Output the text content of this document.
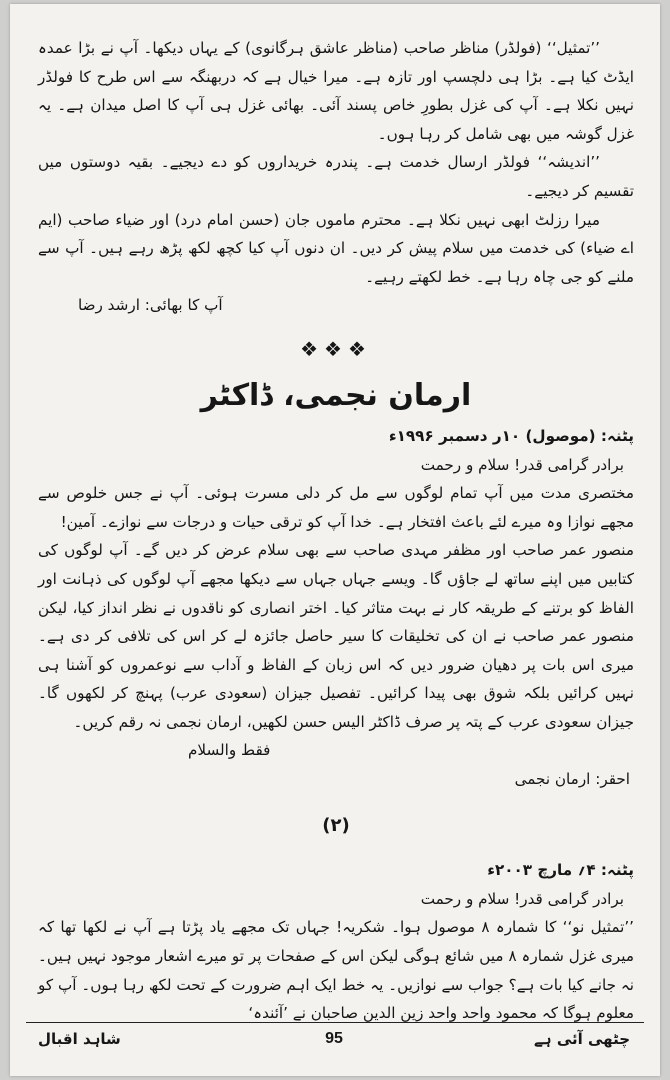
’’تمثیل‘‘ (فولڈر) مناظر صاحب (مناظر عاشق ہرگانوی) کے یہاں دیکھا۔ آپ نے بڑا عمدہ ایڈٹ کیا ہے۔ بڑا ہی دلچسپ اور تازہ ہے۔ میرا خیال ہے کہ دربھنگہ سے اس طرح کا فولڈر نہیں نکلا ہے۔ آپ کی غزل بطورِ خاص پسند آئی۔ بھائی غزل ہی آپ کا اصل میدان ہے۔ یہ غزل گوشہ میں بھی شامل کر رہا ہوں۔

’’اندیشہ‘‘ فولڈر ارسال خدمت ہے۔ پندرہ خریداروں کو دے دیجیے۔ بقیہ دوستوں میں تقسیم کر دیجیے۔

میرا رزلٹ ابھی نہیں نکلا ہے۔ محترم ماموں جان (حسن امام درد) اور ضیاء صاحب (ایم اے ضیاء) کی خدمت میں سلام پیش کر دیں۔ ان دنوں آپ کیا کچھ لکھ پڑھ رہے ہیں۔ آپ سے ملنے کو جی چاہ رہا ہے۔ خط لکھتے رہیے۔

آپ کا بھائی: ارشد رضا

❖❖❖
ارمان نجمی، ڈاکٹر

پٹنہ: (موصول) ۱۰ر دسمبر ۱۹۹۶ء

برادر گرامی قدر! سلام و رحمت

مختصری مدت میں آپ تمام لوگوں سے مل کر دلی مسرت ہوئی۔ آپ نے جس خلوص سے مجھے نوازا وہ میرے لئے باعث افتخار ہے۔ خدا آپ کو ترقی حیات و درجات سے نوازے۔ آمین!

منصور عمر صاحب اور مظفر مہدی صاحب سے بھی سلام عرض کر دیں گے۔ آپ لوگوں کی کتابیں میں اپنے ساتھ لے جاؤں گا۔ ویسے جہاں جہاں سے دیکھا مجھے آپ لوگوں کی ذہانت اور الفاظ کو برتنے کے طریقہ کار نے بہت متاثر کیا۔ اختر انصاری کو ناقدوں نے نظر انداز کیا، لیکن منصور عمر صاحب نے ان کی تخلیقات کا سیر حاصل جائزہ لے کر اس کی تلافی کر دی ہے۔ میری اس بات پر دھیان ضرور دیں کہ اس زبان کے الفاظ و آداب سے نوعمروں کو آشنا ہی نہیں کرائیں بلکہ شوق بھی پیدا کرائیں۔ تفصیل جیزان (سعودی عرب) پہنچ کر لکھوں گا۔ جیزان سعودی عرب کے پتہ پر صرف ڈاکٹر الیس حسن لکھیں، ارمان نجمی نہ رقم کریں۔

فقط والسلام

احقر: ارمان نجمی

(۲)

پٹنہ: ۴؍ مارچ ۲۰۰۳ء

برادر گرامی قدر! سلام و رحمت

’’تمثیل نو‘‘ کا شمارہ ۸ موصول ہوا۔ شکریہ! جہاں تک مجھے یاد پڑتا ہے آپ نے لکھا تھا کہ میری غزل شمارہ ۸ میں شائع ہوگی لیکن اس کے صفحات پر تو میرے اشعار موجود نہیں ہیں۔ نہ جانے کیا بات ہے؟ جواب سے نوازیں۔ یہ خط ایک اہم ضرورت کے تحت لکھ رہا ہوں۔ آپ کو معلوم ہوگا کہ محمود واحد واحد زین الدین صاحبان نے ’آئندہ‘

شاہد اقبال	95	چٹھی آئی ہے
